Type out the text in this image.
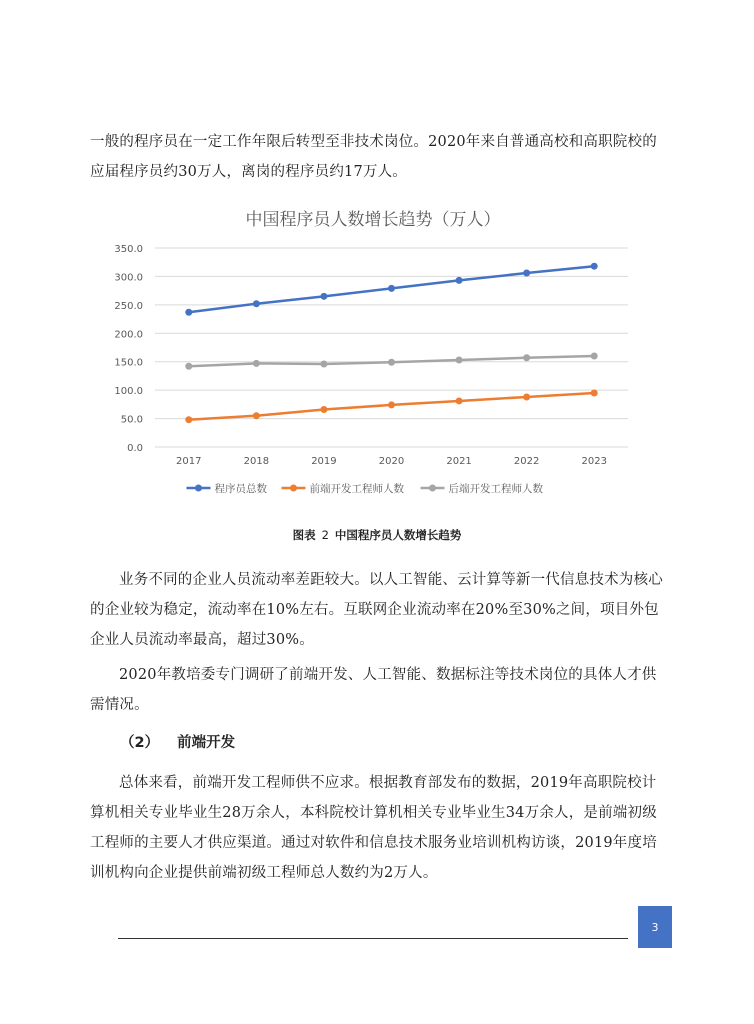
一般的程序员在一定工作年限后转型至非技术岗位。2020年来自普通高校和高职院校的应届程序员约30万人，离岗的程序员约17万人。

中国程序员人数增长趋势（万人）
0.0
50.0
100.0
150.0
200.0
250.0
300.0
350.0
2017	2018	2019	2020	2021	2022	2023
程序员总数	前端开发工程师人数	后端开发工程师人数
图表 2 中国程序员人数增长趋势

业务不同的企业人员流动率差距较大。以人工智能、云计算等新一代信息技术为核心的企业较为稳定，流动率在10%左右。互联网企业流动率在20%至30%之间，项目外包企业人员流动率最高，超过30%。

2020年教培委专门调研了前端开发、人工智能、数据标注等技术岗位的具体人才供需情况。

（2） 前端开发

总体来看，前端开发工程师供不应求。根据教育部发布的数据，2019年高职院校计算机相关专业毕业生28万余人，本科院校计算机相关专业毕业生34万余人，是前端初级工程师的主要人才供应渠道。通过对软件和信息技术服务业培训机构访谈，2019年度培训机构向企业提供前端初级工程师总人数约为2万人。

3
